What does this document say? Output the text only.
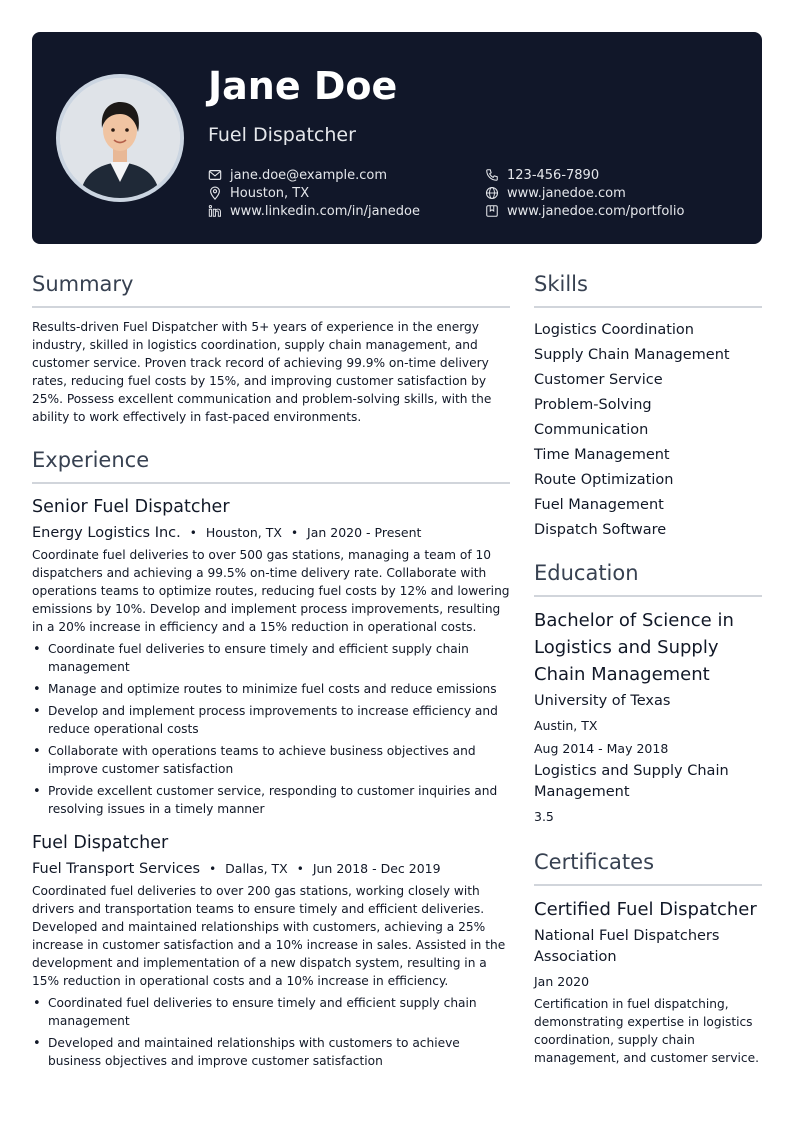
Jane Doe
Fuel Dispatcher
jane.doe@example.com	123-456-7890
Houston, TX	www.janedoe.com
www.linkedin.com/in/janedoe	www.janedoe.com/portfolio
Summary

Results-driven Fuel Dispatcher with 5+ years of experience in the energy industry, skilled in logistics coordination, supply chain management, and customer service. Proven track record of achieving 99.9% on-time delivery rates, reducing fuel costs by 15%, and improving customer satisfaction by 25%. Possess excellent communication and problem-solving skills, with the ability to work effectively in fast-paced environments.

Experience
Senior Fuel Dispatcher
Energy Logistics Inc. • Houston, TX • Jan 2020 - Present

Coordinate fuel deliveries to over 500 gas stations, managing a team of 10 dispatchers and achieving a 99.5% on-time delivery rate. Collaborate with operations teams to optimize routes, reducing fuel costs by 12% and lowering emissions by 10%. Develop and implement process improvements, resulting in a 20% increase in efficiency and a 15% reduction in operational costs.

• Coordinate fuel deliveries to ensure timely and efficient supply chain management
• Manage and optimize routes to minimize fuel costs and reduce emissions
• Develop and implement process improvements to increase efficiency and reduce operational costs
• Collaborate with operations teams to achieve business objectives and improve customer satisfaction
• Provide excellent customer service, responding to customer inquiries and resolving issues in a timely manner
Fuel Dispatcher
Fuel Transport Services • Dallas, TX • Jun 2018 - Dec 2019

Coordinated fuel deliveries to over 200 gas stations, working closely with drivers and transportation teams to ensure timely and efficient deliveries. Developed and maintained relationships with customers, achieving a 25% increase in customer satisfaction and a 10% increase in sales. Assisted in the development and implementation of a new dispatch system, resulting in a 15% reduction in operational costs and a 10% increase in efficiency.

• Coordinated fuel deliveries to ensure timely and efficient supply chain management
• Developed and maintained relationships with customers to achieve business objectives and improve customer satisfaction
Skills
Logistics Coordination
Supply Chain Management
Customer Service
Problem-Solving
Communication
Time Management
Route Optimization
Fuel Management
Dispatch Software
Education
Bachelor of Science in Logistics and Supply Chain Management
University of Texas
Austin, TX
Aug 2014 - May 2018
Logistics and Supply Chain Management
3.5
Certificates
Certified Fuel Dispatcher
National Fuel Dispatchers Association
Jan 2020

Certification in fuel dispatching, demonstrating expertise in logistics coordination, supply chain management, and customer service.
